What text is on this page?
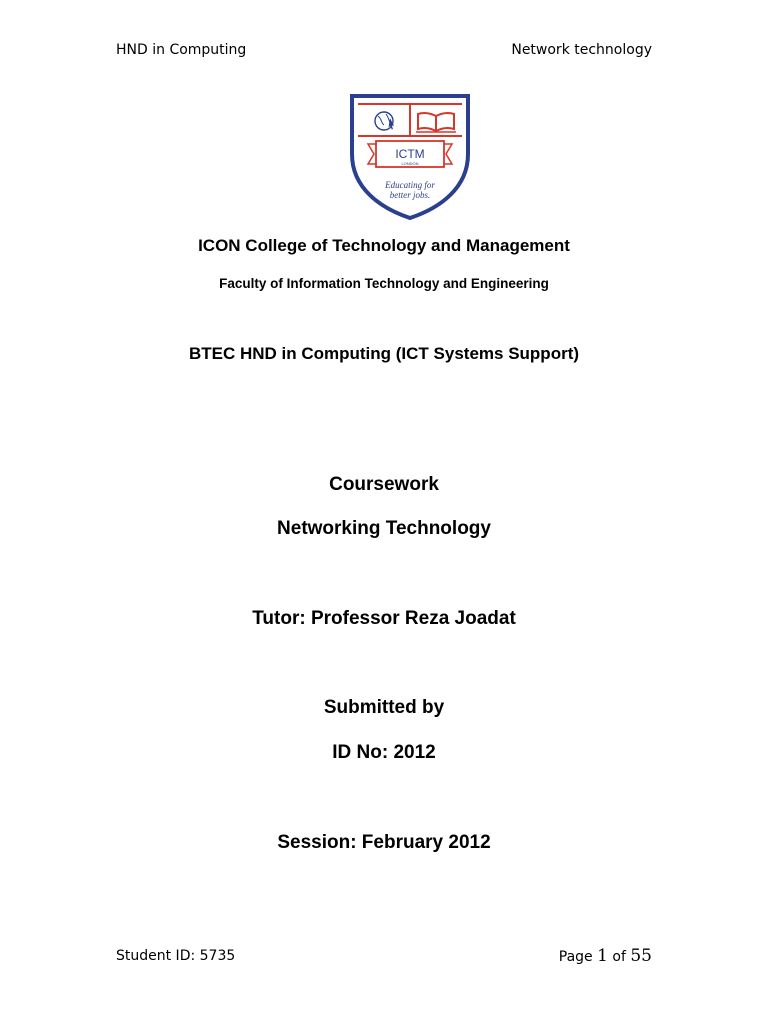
HND in Computing	Network technology
ICTM
LONDON
Educating for
better jobs.
ICON College of Technology and Management
Faculty of Information Technology and Engineering
BTEC HND in Computing (ICT Systems Support)
Coursework
Networking Technology
Tutor: Professor Reza Joadat
Submitted by
ID No: 2012
Session: February 2012
Student ID: 5735	Page 1 of 55
